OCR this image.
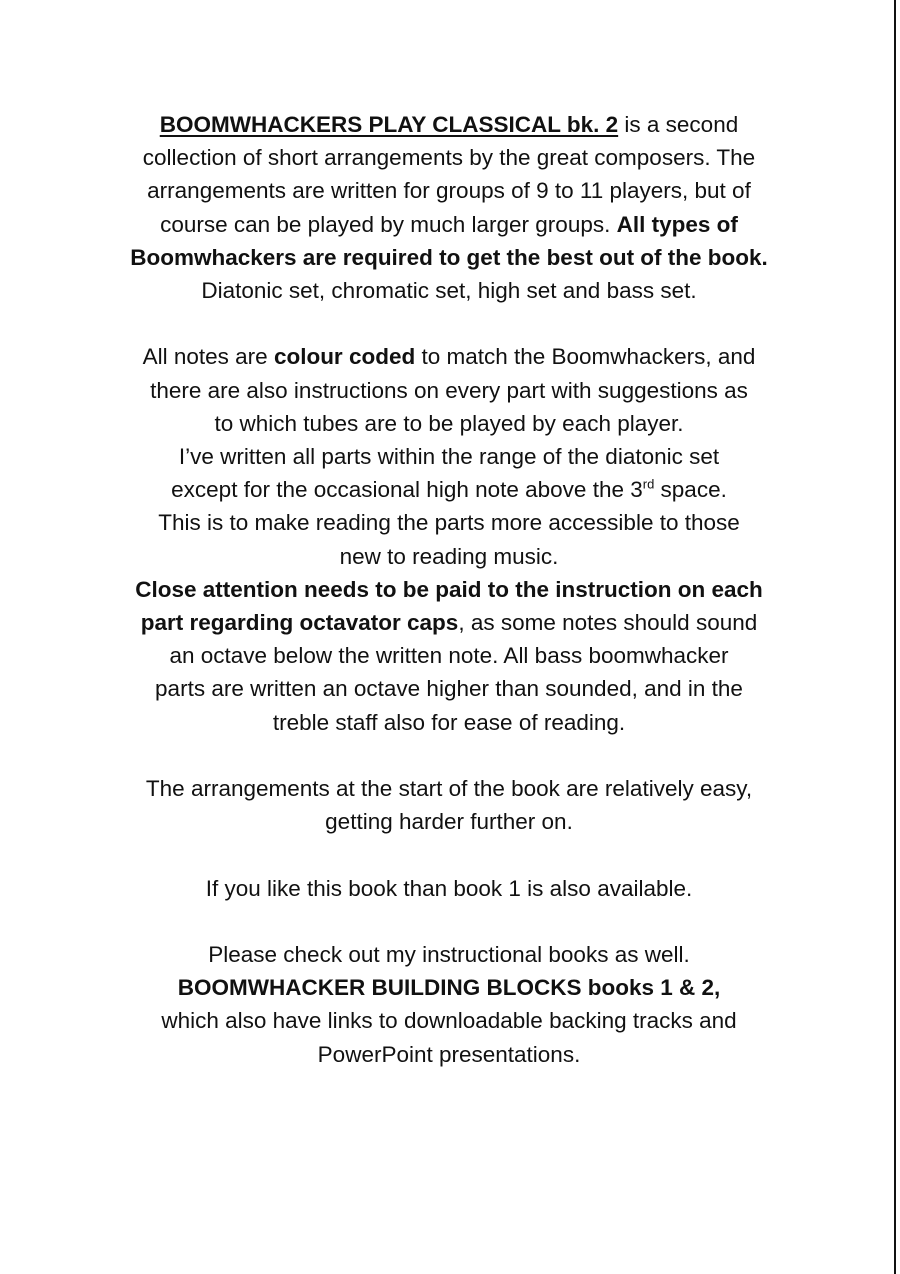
BOOMWHACKERS PLAY CLASSICAL bk. 2 is a second
collection of short arrangements by the great composers. The
arrangements are written for groups of 9 to 11 players, but of
course can be played by much larger groups. All types of
Boomwhackers are required to get the best out of the book.
Diatonic set, chromatic set, high set and bass set.
All notes are colour coded to match the Boomwhackers, and
there are also instructions on every part with suggestions as
to which tubes are to be played by each player.
I’ve written all parts within the range of the diatonic set
except for the occasional high note above the 3rd space.
This is to make reading the parts more accessible to those
new to reading music.
Close attention needs to be paid to the instruction on each
part regarding octavator caps, as some notes should sound
an octave below the written note. All bass boomwhacker
parts are written an octave higher than sounded, and in the
treble staff also for ease of reading.
The arrangements at the start of the book are relatively easy,
getting harder further on.
If you like this book than book 1 is also available.
Please check out my instructional books as well.
BOOMWHACKER BUILDING BLOCKS books 1 & 2,
which also have links to downloadable backing tracks and
PowerPoint presentations.
